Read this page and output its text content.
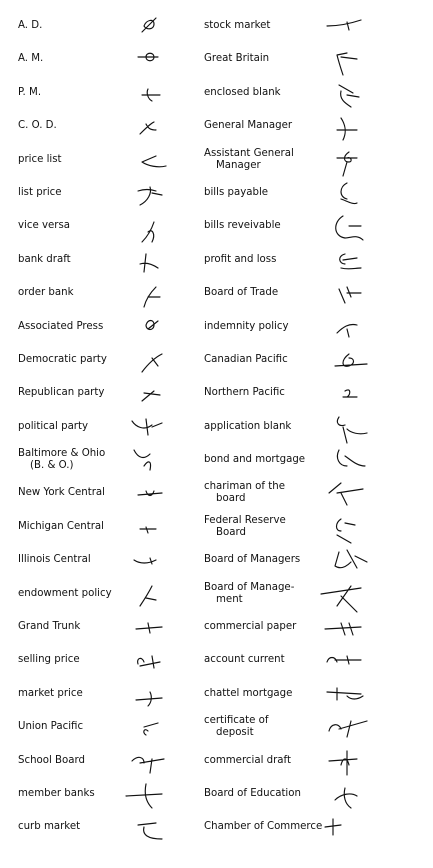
A. D.
A. M.
P. M.
C. O. D.
price list
list price
vice versa
bank draft
order bank
Associated Press
Democratic party
Republican party
political party
Baltimore & Ohio
(B. & O.)
New York Central
Michigan Central
Illinois Central
endowment policy
Grand Trunk
selling price
market price
Union Pacific
School Board
member banks
curb market
stock market
Great Britain
enclosed blank
General Manager
Assistant General
Manager
bills payable
bills reveivable
profit and loss
Board of Trade
indemnity policy
Canadian Pacific
Northern Pacific
application blank
bond and mortgage
chariman of the
board
Federal Reserve
Board
Board of Managers
Board of Manage-
ment
commercial paper
account current
chattel mortgage
certificate of
deposit
commercial draft
Board of Education
Chamber of Commerce
